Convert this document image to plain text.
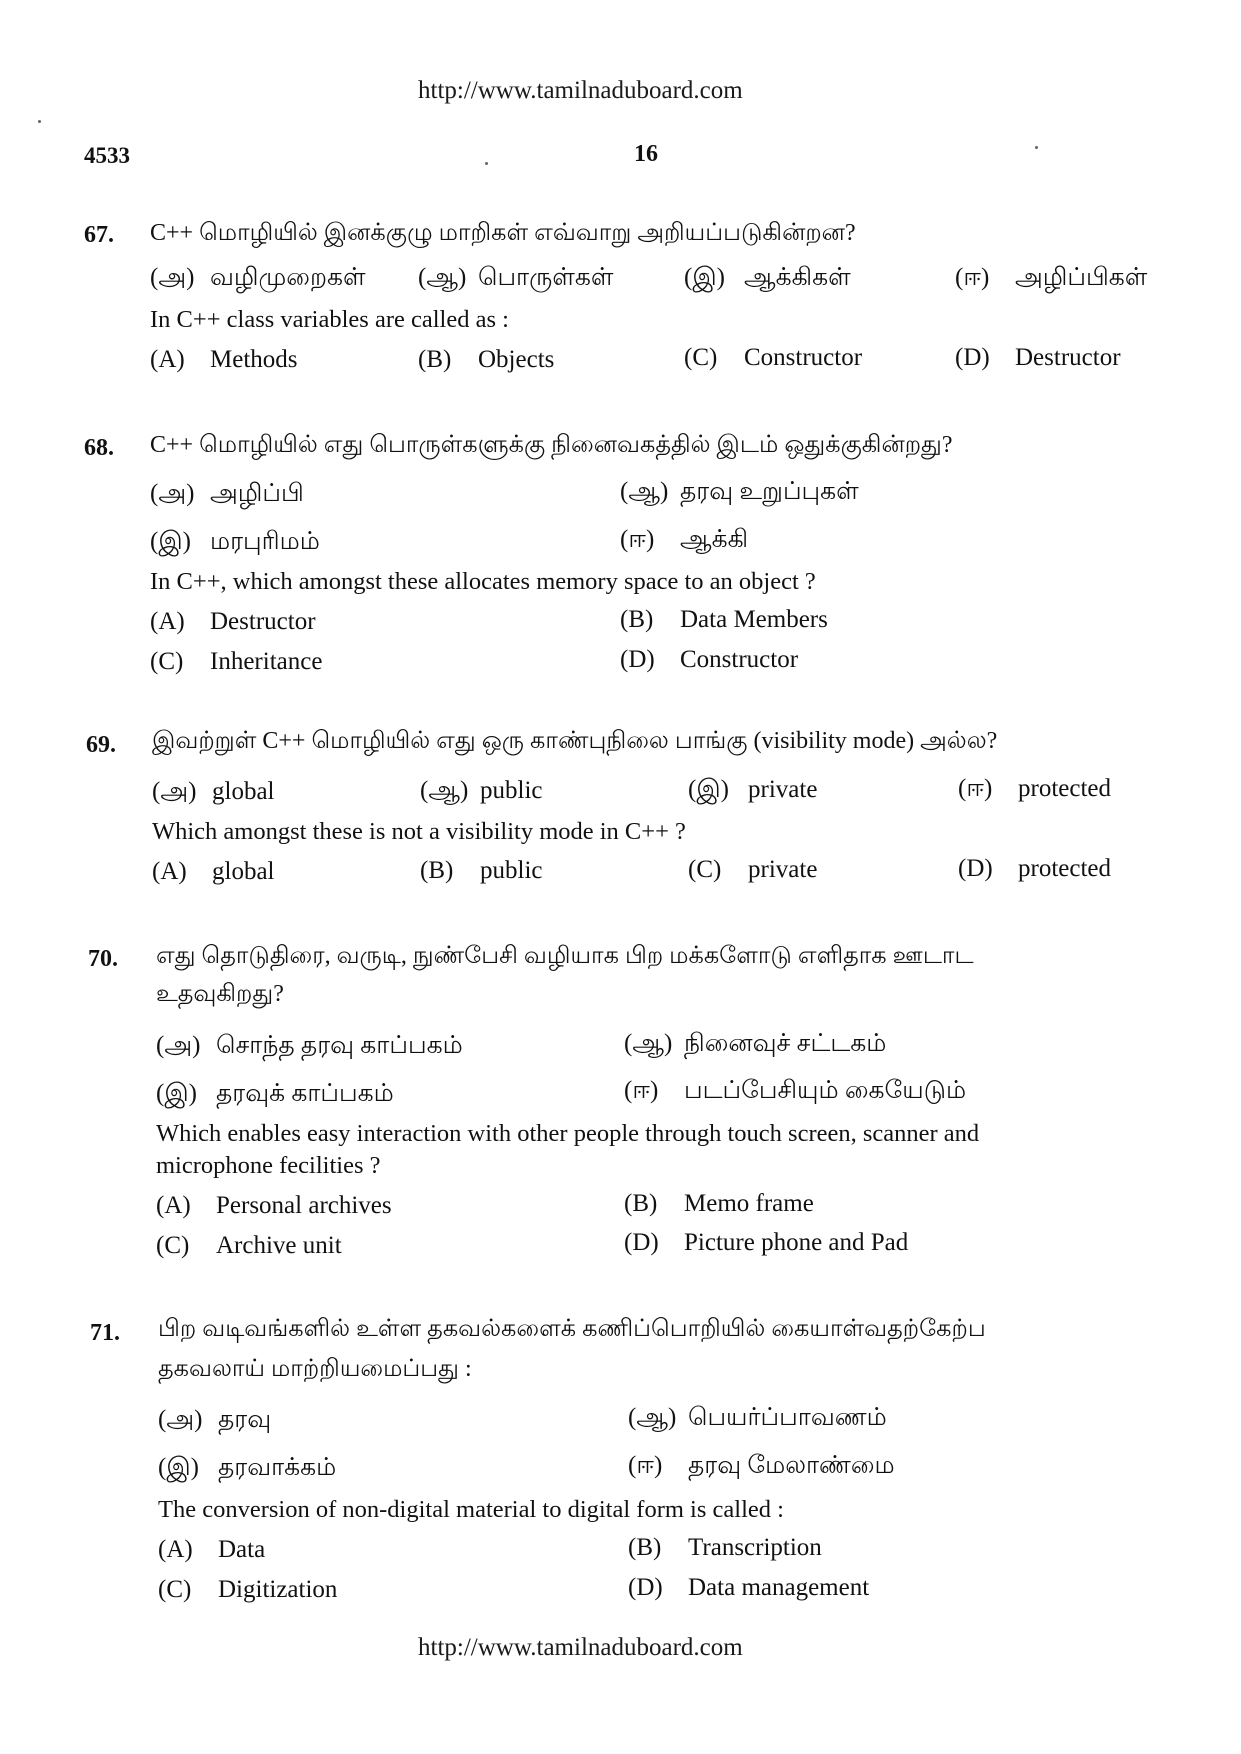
http://www.tamilnaduboard.com
4533	16
67. C++ மொழியில் இனக்குழு மாறிகள் எவ்வாறு அறியப்படுகின்றன?
(அ) வழிமுறைகள் (ஆ) பொருள்கள்	(இ) ஆக்கிகள்	(ஈ) அழிப்பிகள்
In C++ class variables are called as :
(A) Methods	(B) Objects	(C) Constructor	(D) Destructor
68. C++ மொழியில் எது பொருள்களுக்கு நினைவகத்தில் இடம் ஒதுக்குகின்றது?
(அ) அழிப்பி	(ஆ) தரவு உறுப்புகள்
(இ) மரபுரிமம்	(ஈ) ஆக்கி
In C++, which amongst these allocates memory space to an object ?
(A) Destructor	(B) Data Members
(C) Inheritance	(D) Constructor
69. இவற்றுள் C++ மொழியில் எது ஒரு காண்புநிலை பாங்கு (visibility mode) அல்ல?
(அ) global	(ஆ) public	(இ) private	(ஈ) protected
Which amongst these is not a visibility mode in C++ ?
(A) global	(B) public	(C) private	(D) protected
70. எது தொடுதிரை, வருடி, நுண்பேசி வழியாக பிற மக்களோடு எளிதாக ஊடாட
உதவுகிறது?
(அ) சொந்த தரவு காப்பகம்	(ஆ) நினைவுச் சட்டகம்
(இ) தரவுக் காப்பகம்	(ஈ) படப்பேசியும் கையேடும்
Which enables easy interaction with other people through touch screen, scanner and
microphone fecilities ?
(A) Personal archives	(B) Memo frame
(C) Archive unit	(D) Picture phone and Pad
71. பிற வடிவங்களில் உள்ள தகவல்களைக் கணிப்பொறியில் கையாள்வதற்கேற்ப
தகவலாய் மாற்றியமைப்பது :
(அ) தரவு	(ஆ) பெயர்ப்பாவணம்
(இ) தரவாக்கம்	(ஈ) தரவு மேலாண்மை
The conversion of non-digital material to digital form is called :
(A) Data	(B) Transcription
(C) Digitization	(D) Data management
http://www.tamilnaduboard.com
